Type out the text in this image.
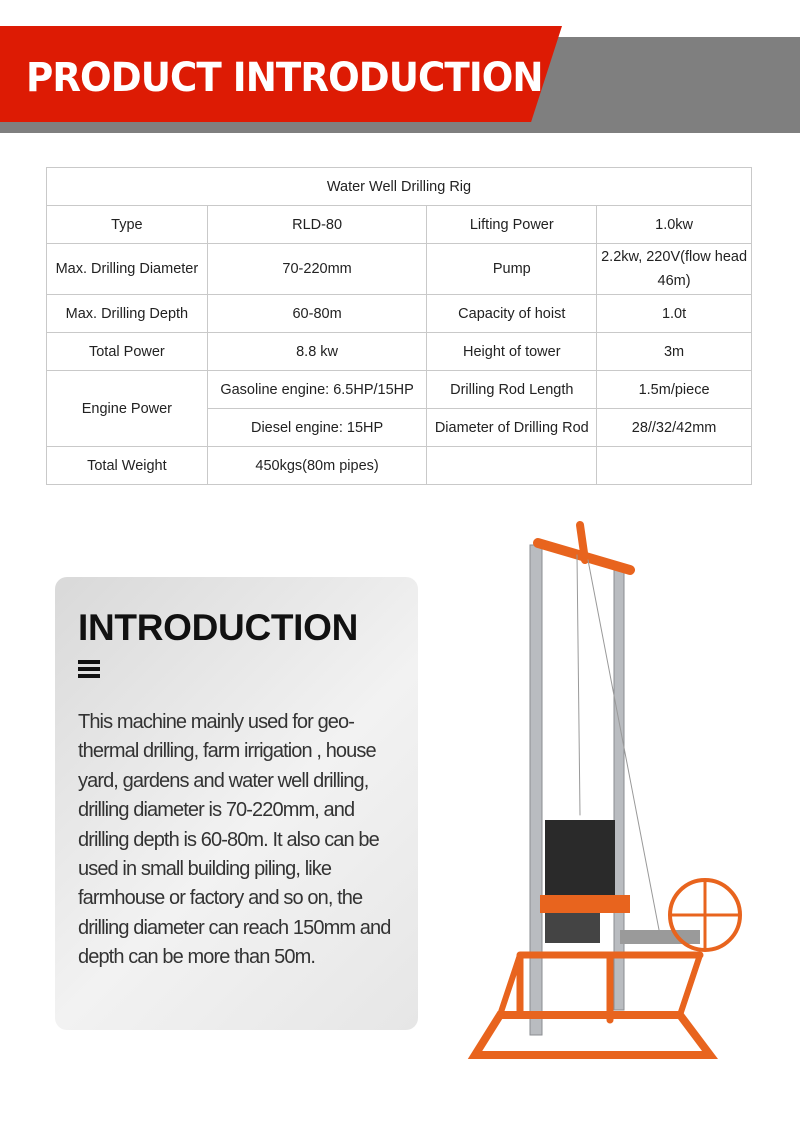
PRODUCT INTRODUCTION
Water Well Drilling Rig			
Type	RLD-80	Lifting Power	1.0kw
Max. Drilling Diameter	70-220mm	Pump	2.2kw, 220V(flow head 46m)
Max. Drilling Depth	60-80m	Capacity of hoist	1.0t
Total Power	8.8 kw	Height of tower	3m
Engine Power	Gasoline engine: 6.5HP/15HP	Drilling Rod Length	1.5m/piece
	Diesel engine: 15HP	Diameter of Drilling Rod	28//32/42mm
Total Weight	450kgs(80m pipes)		
INTRODUCTION
This machine mainly used for geo-thermal drilling, farm irrigation , house yard, gardens and water well drilling, drilling diameter is 70-220mm, and drilling depth is 60-80m. It also can be used in small building piling, like farmhouse or factory and so on, the drilling diameter can reach 150mm and depth can be more than 50m.
